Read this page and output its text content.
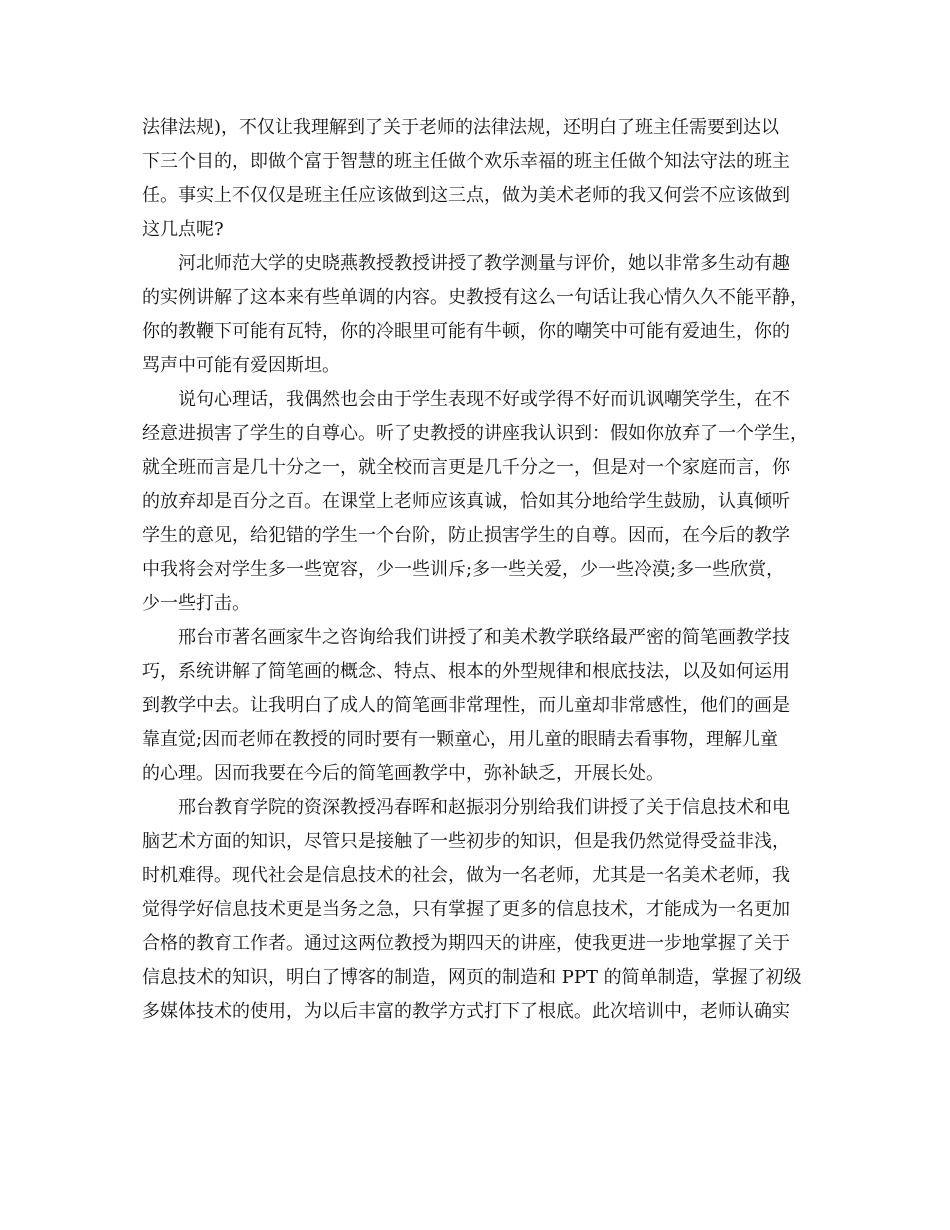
法律法规)，不仅让我理解到了关于老师的法律法规，还明白了班主任需要到达以
下三个目的，即做个富于智慧的班主任做个欢乐幸福的班主任做个知法守法的班主
任。事实上不仅仅是班主任应该做到这三点，做为美术老师的我又何尝不应该做到
这几点呢?
河北师范大学的史晓燕教授教授讲授了教学测量与评价，她以非常多生动有趣
的实例讲解了这本来有些单调的内容。史教授有这么一句话让我心情久久不能平静，
你的教鞭下可能有瓦特，你的冷眼里可能有牛顿，你的嘲笑中可能有爱迪生，你的
骂声中可能有爱因斯坦。
说句心理话，我偶然也会由于学生表现不好或学得不好而讥讽嘲笑学生，在不
经意进损害了学生的自尊心。听了史教授的讲座我认识到：假如你放弃了一个学生，
就全班而言是几十分之一，就全校而言更是几千分之一，但是对一个家庭而言，你
的放弃却是百分之百。在课堂上老师应该真诚，恰如其分地给学生鼓励，认真倾听
学生的意见，给犯错的学生一个台阶，防止损害学生的自尊。因而，在今后的教学
中我将会对学生多一些宽容，少一些训斥;多一些关爱，少一些冷漠;多一些欣赏，
少一些打击。
邢台市著名画家牛之咨询给我们讲授了和美术教学联络最严密的简笔画教学技
巧，系统讲解了简笔画的概念、特点、根本的外型规律和根底技法，以及如何运用
到教学中去。让我明白了成人的简笔画非常理性，而儿童却非常感性，他们的画是
靠直觉;因而老师在教授的同时要有一颗童心，用儿童的眼睛去看事物，理解儿童
的心理。因而我要在今后的简笔画教学中，弥补缺乏，开展长处。
邢台教育学院的资深教授冯春晖和赵振羽分别给我们讲授了关于信息技术和电
脑艺术方面的知识，尽管只是接触了一些初步的知识，但是我仍然觉得受益非浅，
时机难得。现代社会是信息技术的社会，做为一名老师，尤其是一名美术老师，我
觉得学好信息技术更是当务之急，只有掌握了更多的信息技术，才能成为一名更加
合格的教育工作者。通过这两位教授为期四天的讲座，使我更进一步地掌握了关于
信息技术的知识，明白了博客的制造，网页的制造和 PPT 的简单制造，掌握了初级
多媒体技术的使用，为以后丰富的教学方式打下了根底。此次培训中，老师认确实
